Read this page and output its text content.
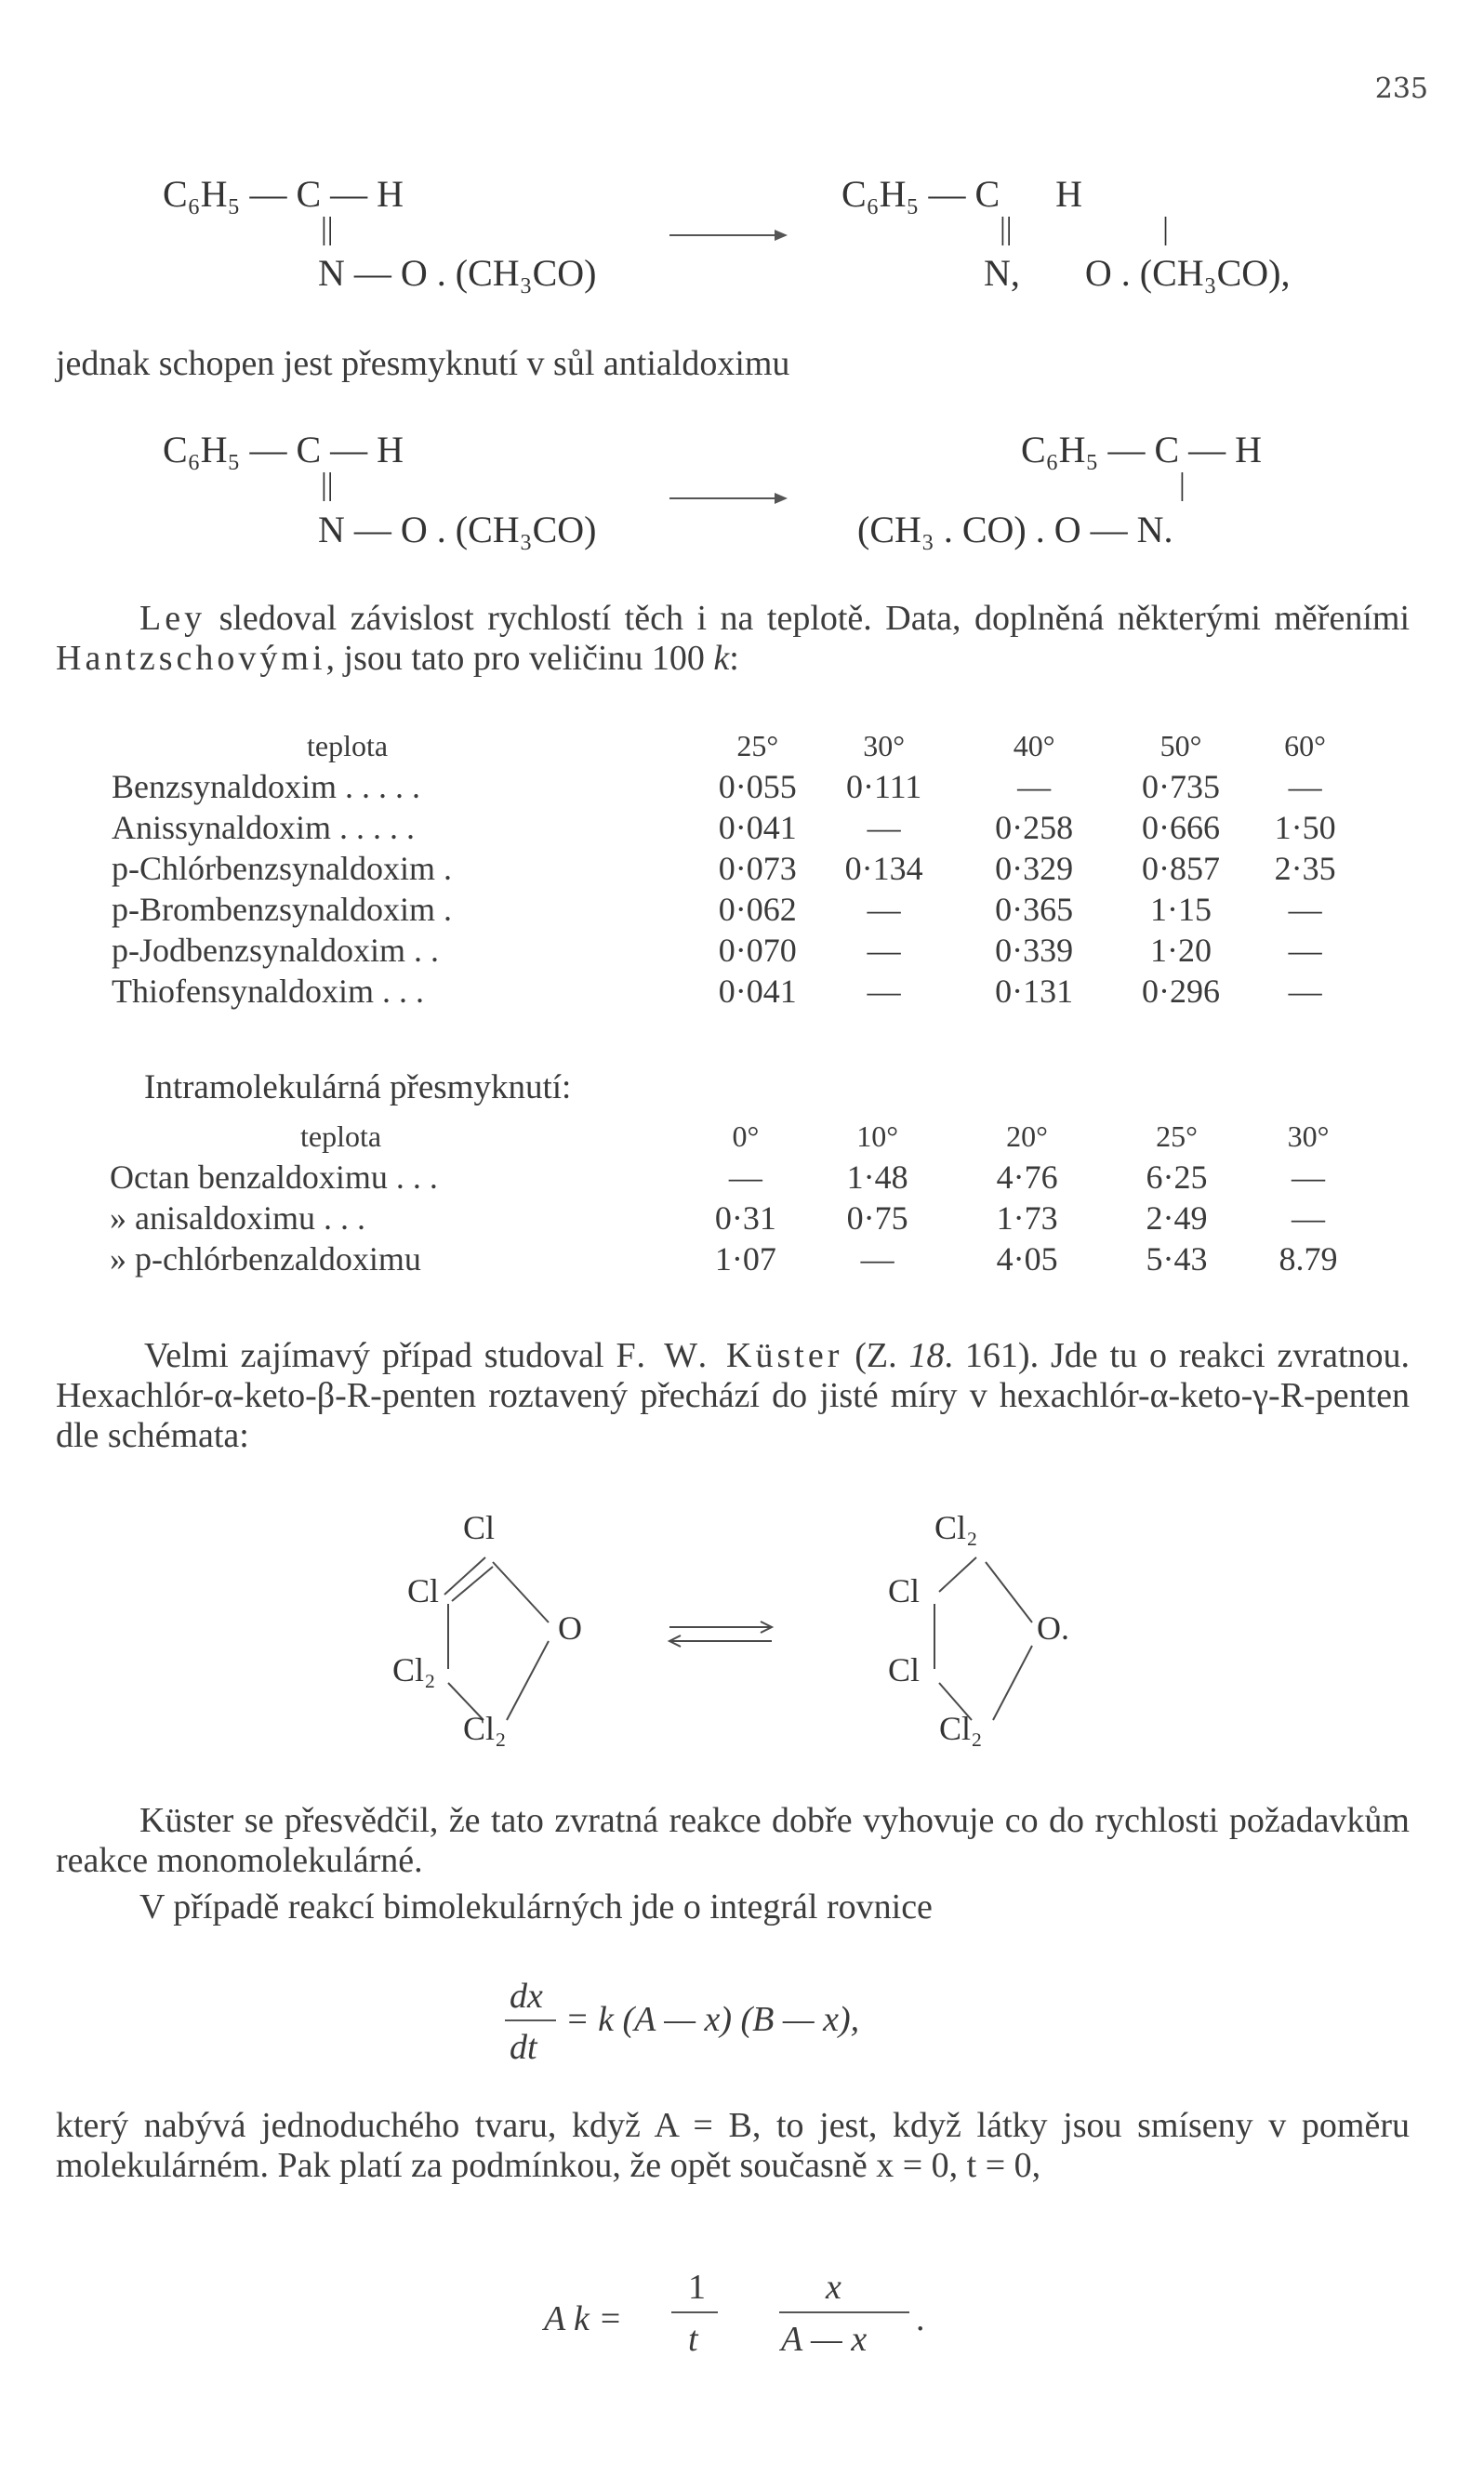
235
C₆H₅ — C — H
||
N — O . (CH₃CO)
C₆H₅ — C      H
||                   |
N,       O . (CH₃CO),
jednak schopen jest přesmyknutí v sůl antialdoximu
C₆H₅ — C — H
||
N — O . (CH₃CO)
C₆H₅ — C — H
|
(CH₃ . CO) . O — N.
Ley sledoval závislost rychlostí těch i na teplotě. Data, doplněná některými měřeními Hantzschovými, jsou tato pro veličinu 100 k:
teplota	25°	30°	40°	50°	60°
Benzsynaldoxim . . . . .	0·055	0·111	—	0·735	—
Anissynaldoxim . . . . .	0·041	—	0·258	0·666	1·50
p-Chlórbenzsynaldoxim .	0·073	0·134	0·329	0·857	2·35
p-Brombenzsynaldoxim .	0·062	—	0·365	1·15	—
p-Jodbenzsynaldoxim . .	0·070	—	0·339	1·20	—
Thiofensynaldoxim . . .	0·041	—	0·131	0·296	—
Intramolekulárná přesmyknutí:
teplota	0°	10°	20°	25°	30°
Octan benzaldoximu . . .	—	1·48	4·76	6·25	—
» anisaldoximu . . .	0·31	0·75	1·73	2·49	—
» p-chlórbenzaldoximu	1·07	—	4·05	5·43	8.79
Velmi zajímavý případ studoval F. W. Küster (Z. 18. 161). Jde tu o reakci zvratnou. Hexachlór-α-keto-β-R-penten roztavený přechází do jisté míry v hexachlór-α-keto-γ-R-penten dle schémata:
Cl
Cl
O
Cl₂
Cl₂
Cl₂
Cl
O.
Cl
Cl₂
Küster se přesvědčil, že tato zvratná reakce dobře vyhovuje co do rychlosti požadavkům reakce monomolekulárné.
V případě reakcí bimolekulárných jde o integrál rovnice
dx
dt
= k (A — x) (B — x),
který nabývá jednoduchého tvaru, když A = B, to jest, když látky jsou smíseny v poměru molekulárném. Pak platí za podmínkou, že opět současně x = 0, t = 0,
A k =
1
t
x
A — x
.
